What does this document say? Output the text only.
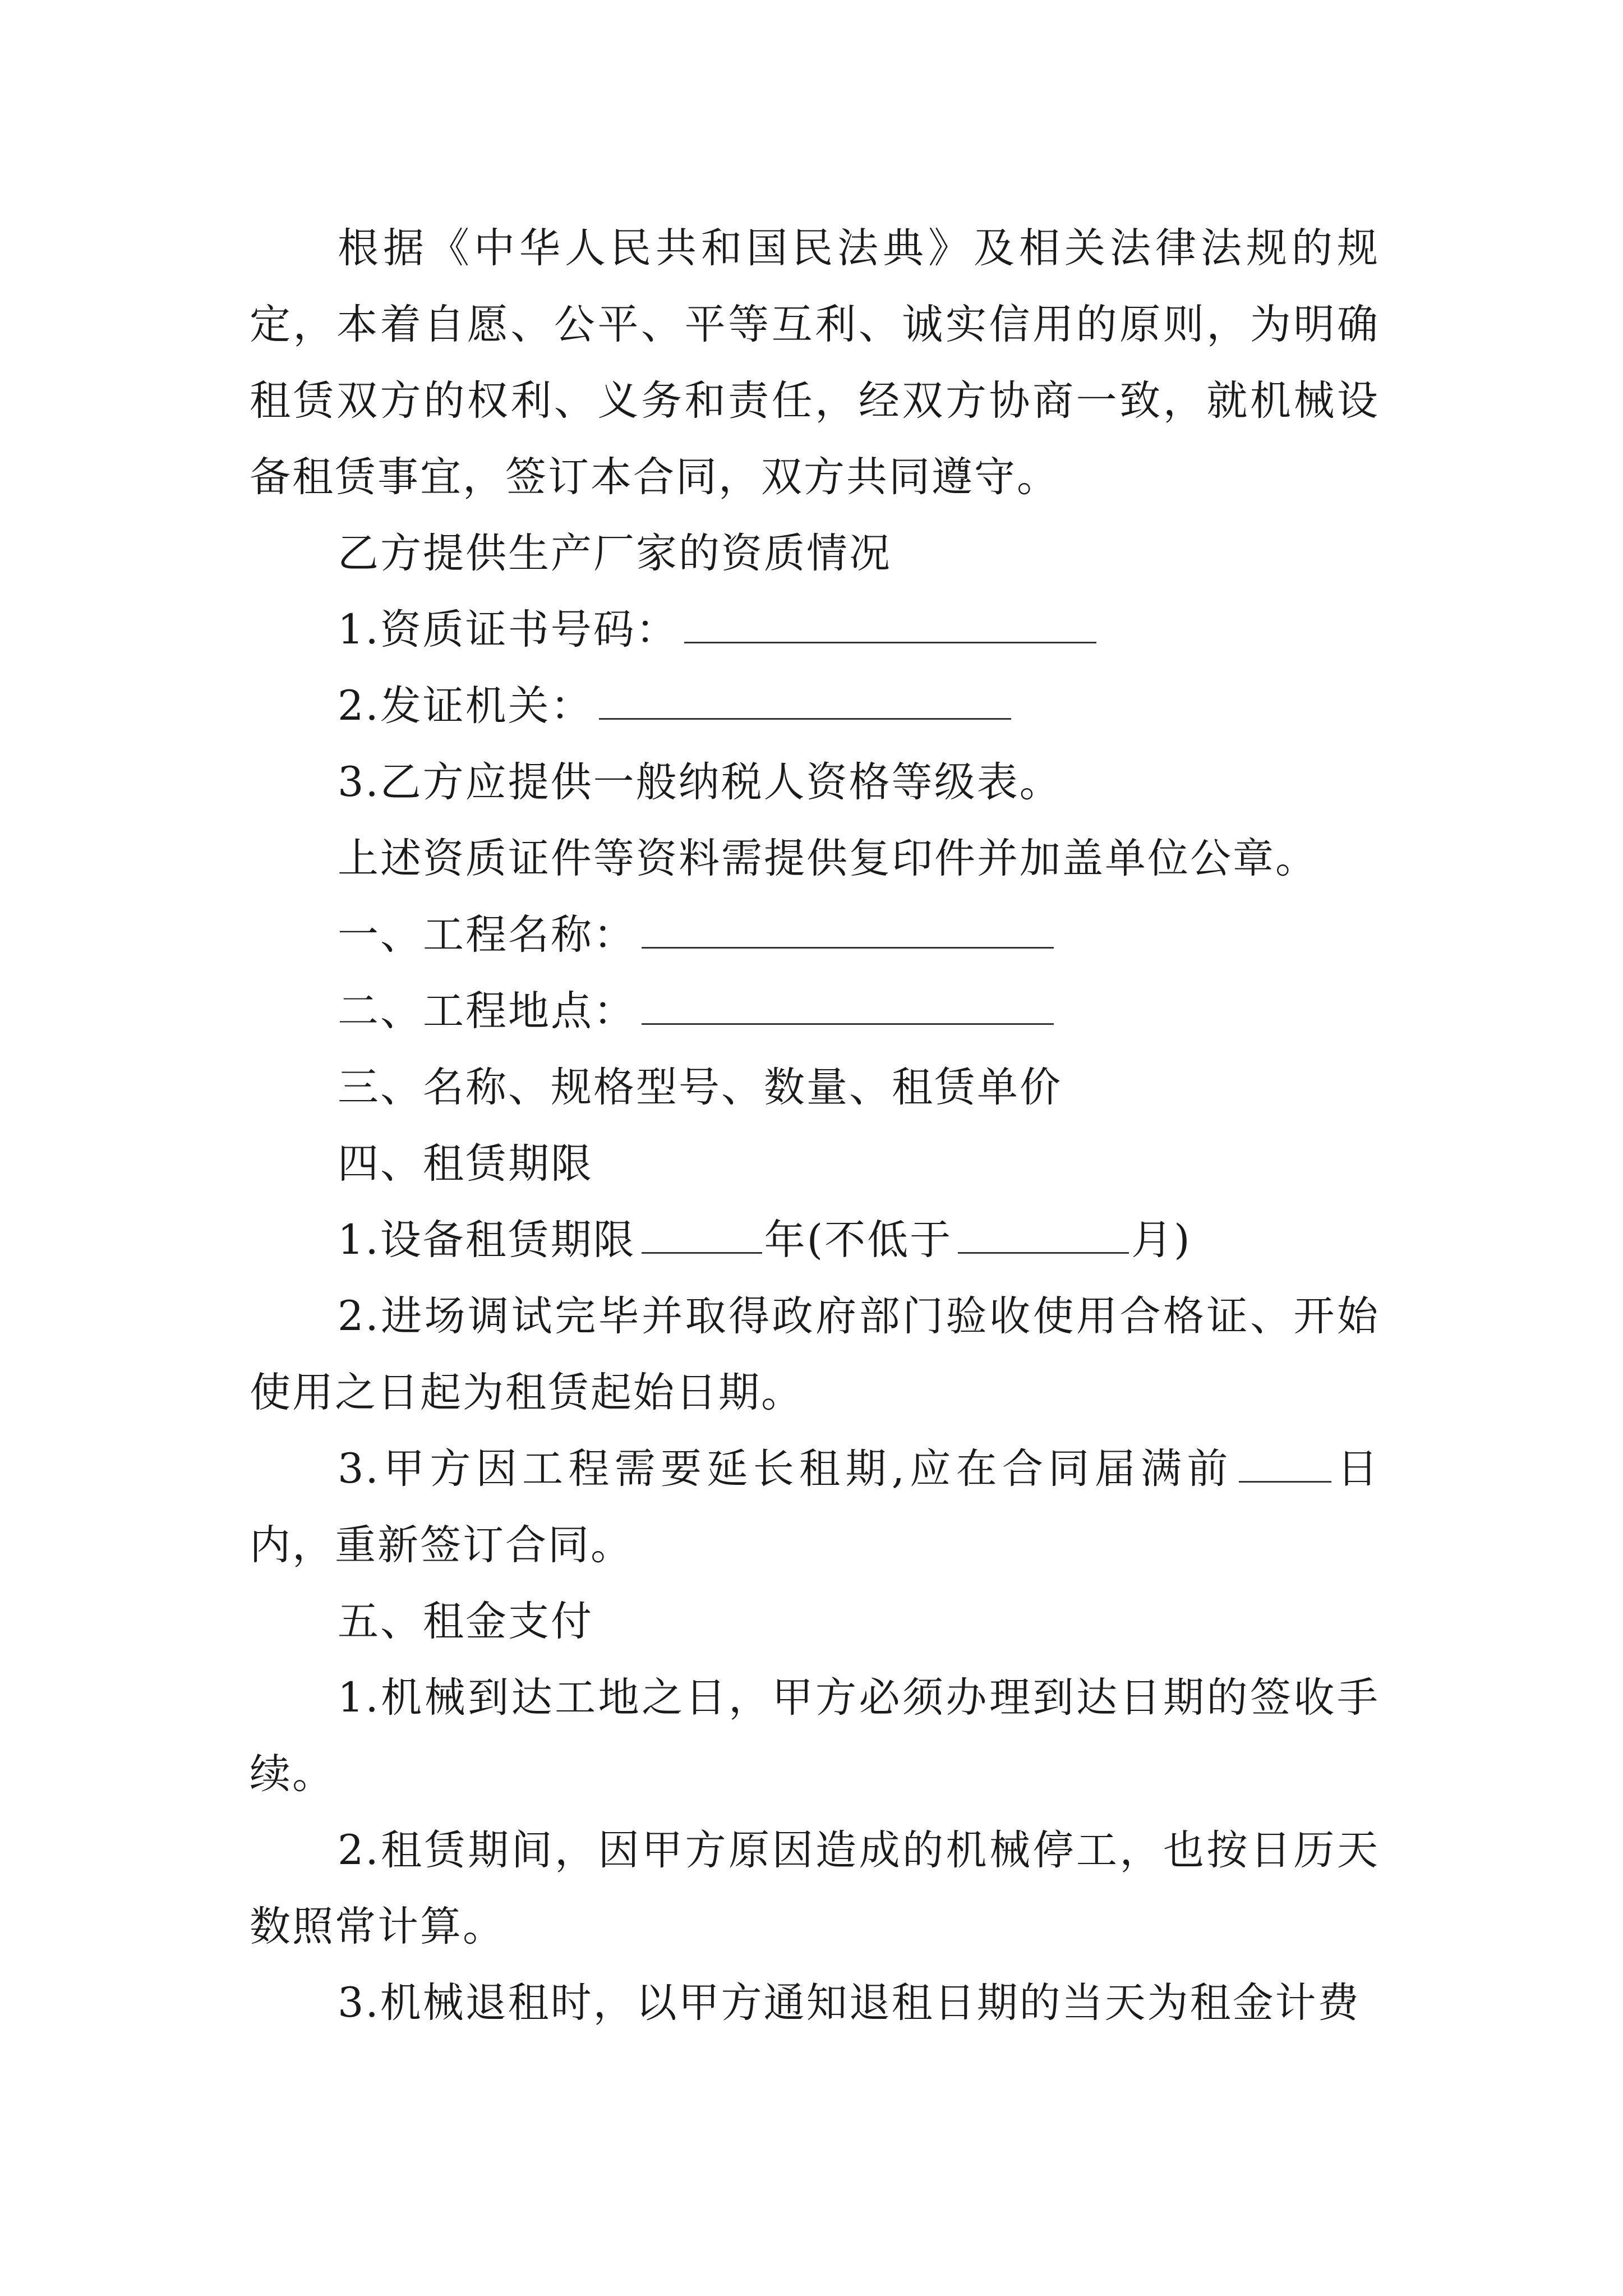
根据《中华人民共和国民法典》及相关法律法规的规定，本着自愿、公平、平等互利、诚实信用的原则，为明确租赁双方的权利、义务和责任，经双方协商一致，就机械设备租赁事宜，签订本合同，双方共同遵守。

乙方提供生产厂家的资质情况

1.资质证书号码：

2.发证机关：

3.乙方应提供一般纳税人资格等级表。

上述资质证件等资料需提供复印件并加盖单位公章。

一、工程名称：

二、工程地点：

三、名称、规格型号、数量、租赁单价

四、租赁期限

1.设备租赁期限	年(不低于	月)

2.进场调试完毕并取得政府部门验收使用合格证、开始使用之日起为租赁起始日期。

3.甲方因工程需要延长租期,应在合同届满前 日内，重新签订合同。

五、租金支付

1.机械到达工地之日，甲方必须办理到达日期的签收手续。

2.租赁期间，因甲方原因造成的机械停工，也按日历天数照常计算。

3.机械退租时，以甲方通知退租日期的当天为租金计费
